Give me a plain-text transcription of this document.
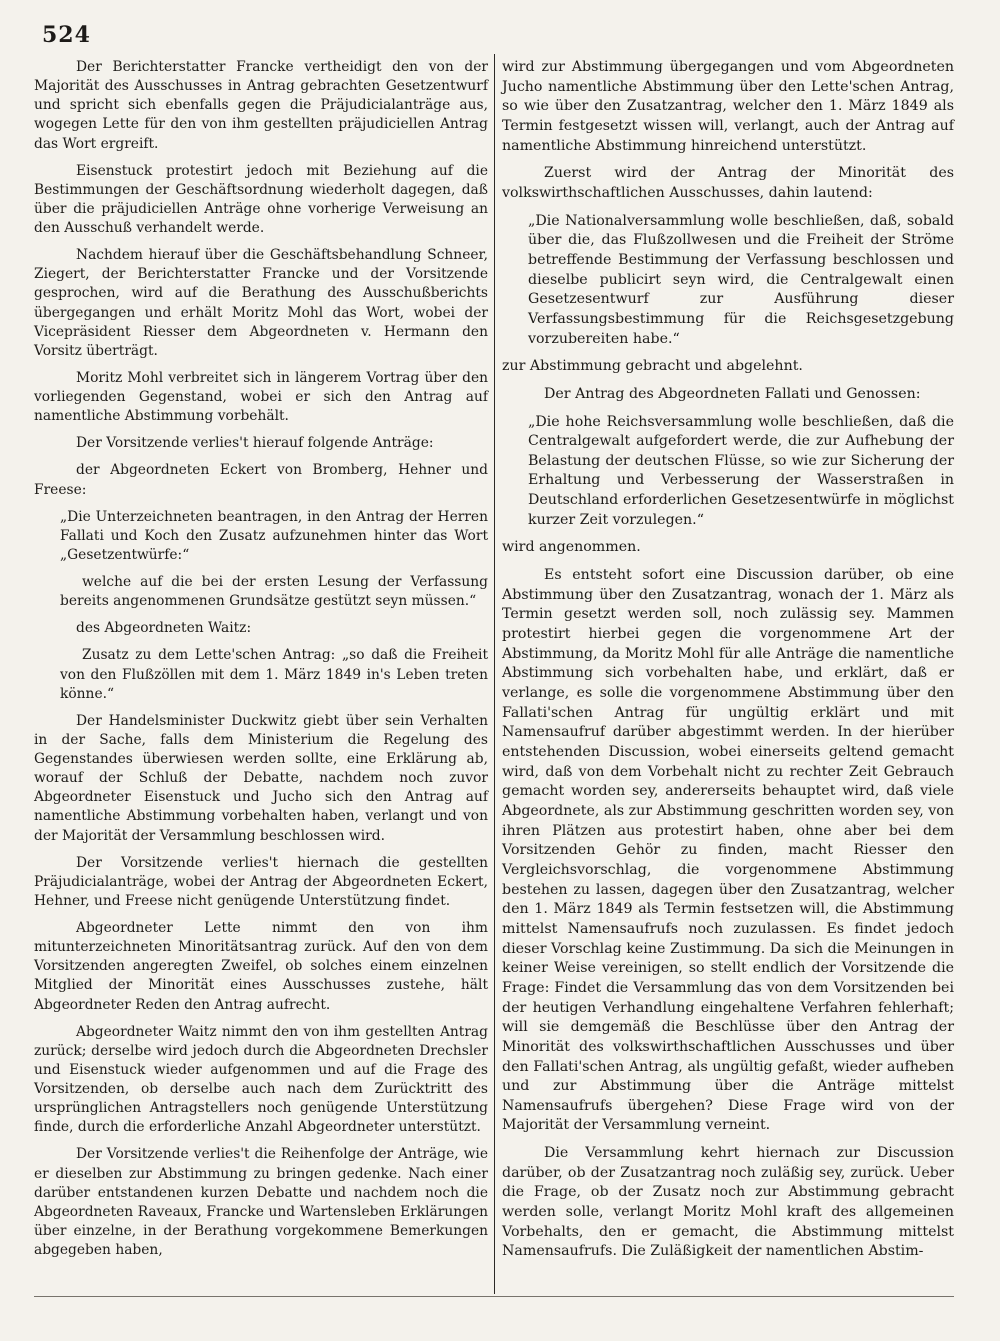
524

Der Berichterstatter Francke vertheidigt den von der Majorität des Ausschusses in Antrag gebrachten Gesetzentwurf und spricht sich ebenfalls gegen die Präjudicialanträge aus, wogegen Lette für den von ihm gestellten präjudiciellen Antrag das Wort ergreift.

Eisenstuck protestirt jedoch mit Beziehung auf die Bestimmungen der Geschäftsordnung wiederholt dagegen, daß über die präjudiciellen Anträge ohne vorherige Verweisung an den Ausschuß verhandelt werde.

Nachdem hierauf über die Geschäftsbehandlung Schneer, Ziegert, der Berichterstatter Francke und der Vorsitzende gesprochen, wird auf die Berathung des Ausschußberichts übergegangen und erhält Moritz Mohl das Wort, wobei der Vicepräsident Riesser dem Abgeordneten v. Hermann den Vorsitz überträgt.

Moritz Mohl verbreitet sich in längerem Vortrag über den vorliegenden Gegenstand, wobei er sich den Antrag auf namentliche Abstimmung vorbehält.

Der Vorsitzende verlies't hierauf folgende Anträge:

der Abgeordneten Eckert von Bromberg, Hehner und Freese:

„Die Unterzeichneten beantragen, in den Antrag der Herren Fallati und Koch den Zusatz aufzunehmen hinter das Wort „Gesetzentwürfe:“

welche auf die bei der ersten Lesung der Verfassung bereits angenommenen Grundsätze gestützt seyn müssen.“

des Abgeordneten Waitz:

Zusatz zu dem Lette'schen Antrag: „so daß die Freiheit von den Flußzöllen mit dem 1. März 1849 in's Leben treten könne.“

Der Handelsminister Duckwitz giebt über sein Verhalten in der Sache, falls dem Ministerium die Regelung des Gegenstandes überwiesen werden sollte, eine Erklärung ab, worauf der Schluß der Debatte, nachdem noch zuvor Abgeordneter Eisenstuck und Jucho sich den Antrag auf namentliche Abstimmung vorbehalten haben, verlangt und von der Majorität der Versammlung beschlossen wird.

Der Vorsitzende verlies't hiernach die gestellten Präjudicialanträge, wobei der Antrag der Abgeordneten Eckert, Hehner, und Freese nicht genügende Unterstützung findet.

Abgeordneter Lette nimmt den von ihm mitunterzeichneten Minoritätsantrag zurück. Auf den von dem Vorsitzenden angeregten Zweifel, ob solches einem einzelnen Mitglied der Minorität eines Ausschusses zustehe, hält Abgeordneter Reden den Antrag aufrecht.

Abgeordneter Waitz nimmt den von ihm gestellten Antrag zurück; derselbe wird jedoch durch die Abgeordneten Drechsler und Eisenstuck wieder aufgenommen und auf die Frage des Vorsitzenden, ob derselbe auch nach dem Zurücktritt des ursprünglichen Antragstellers noch genügende Unterstützung finde, durch die erforderliche Anzahl Abgeordneter unterstützt.

Der Vorsitzende verlies't die Reihenfolge der Anträge, wie er dieselben zur Abstimmung zu bringen gedenke. Nach einer darüber entstandenen kurzen Debatte und nachdem noch die Abgeordneten Raveaux, Francke und Wartensleben Erklärungen über einzelne, in der Berathung vorgekommene Bemerkungen abgegeben haben,

wird zur Abstimmung übergegangen und vom Abgeordneten Jucho namentliche Abstimmung über den Lette'schen Antrag, so wie über den Zusatzantrag, welcher den 1. März 1849 als Termin festgesetzt wissen will, verlangt, auch der Antrag auf namentliche Abstimmung hinreichend unterstützt.

Zuerst wird der Antrag der Minorität des volkswirthschaftlichen Ausschusses, dahin lautend:

„Die Nationalversammlung wolle beschließen, daß, sobald über die, das Flußzollwesen und die Freiheit der Ströme betreffende Bestimmung der Verfassung beschlossen und dieselbe publicirt seyn wird, die Centralgewalt einen Gesetzesentwurf zur Ausführung dieser Verfassungsbestimmung für die Reichsgesetzgebung vorzubereiten habe.“

zur Abstimmung gebracht und abgelehnt.

Der Antrag des Abgeordneten Fallati und Genossen:

„Die hohe Reichsversammlung wolle beschließen, daß die Centralgewalt aufgefordert werde, die zur Aufhebung der Belastung der deutschen Flüsse, so wie zur Sicherung der Erhaltung und Verbesserung der Wasserstraßen in Deutschland erforderlichen Gesetzesentwürfe in möglichst kurzer Zeit vorzulegen.“

wird angenommen.

Es entsteht sofort eine Discussion darüber, ob eine Abstimmung über den Zusatzantrag, wonach der 1. März als Termin gesetzt werden soll, noch zulässig sey. Mammen protestirt hierbei gegen die vorgenommene Art der Abstimmung, da Moritz Mohl für alle Anträge die namentliche Abstimmung sich vorbehalten habe, und erklärt, daß er verlange, es solle die vorgenommene Abstimmung über den Fallati'schen Antrag für ungültig erklärt und mit Namensaufruf darüber abgestimmt werden. In der hierüber entstehenden Discussion, wobei einerseits geltend gemacht wird, daß von dem Vorbehalt nicht zu rechter Zeit Gebrauch gemacht worden sey, andererseits behauptet wird, daß viele Abgeordnete, als zur Abstimmung geschritten worden sey, von ihren Plätzen aus protestirt haben, ohne aber bei dem Vorsitzenden Gehör zu finden, macht Riesser den Vergleichsvorschlag, die vorgenommene Abstimmung bestehen zu lassen, dagegen über den Zusatzantrag, welcher den 1. März 1849 als Termin festsetzen will, die Abstimmung mittelst Namensaufrufs noch zuzulassen. Es findet jedoch dieser Vorschlag keine Zustimmung. Da sich die Meinungen in keiner Weise vereinigen, so stellt endlich der Vorsitzende die Frage: Findet die Versammlung das von dem Vorsitzenden bei der heutigen Verhandlung eingehaltene Verfahren fehlerhaft; will sie demgemäß die Beschlüsse über den Antrag der Minorität des volkswirthschaftlichen Ausschusses und über den Fallati'schen Antrag, als ungültig gefaßt, wieder aufheben und zur Abstimmung über die Anträge mittelst Namensaufrufs übergehen? Diese Frage wird von der Majorität der Versammlung verneint.

Die Versammlung kehrt hiernach zur Discussion darüber, ob der Zusatzantrag noch zuläßig sey, zurück. Ueber die Frage, ob der Zusatz noch zur Abstimmung gebracht werden solle, verlangt Moritz Mohl kraft des allgemeinen Vorbehalts, den er gemacht, die Abstimmung mittelst Namensaufrufs. Die Zuläßigkeit der namentlichen Abstim-
